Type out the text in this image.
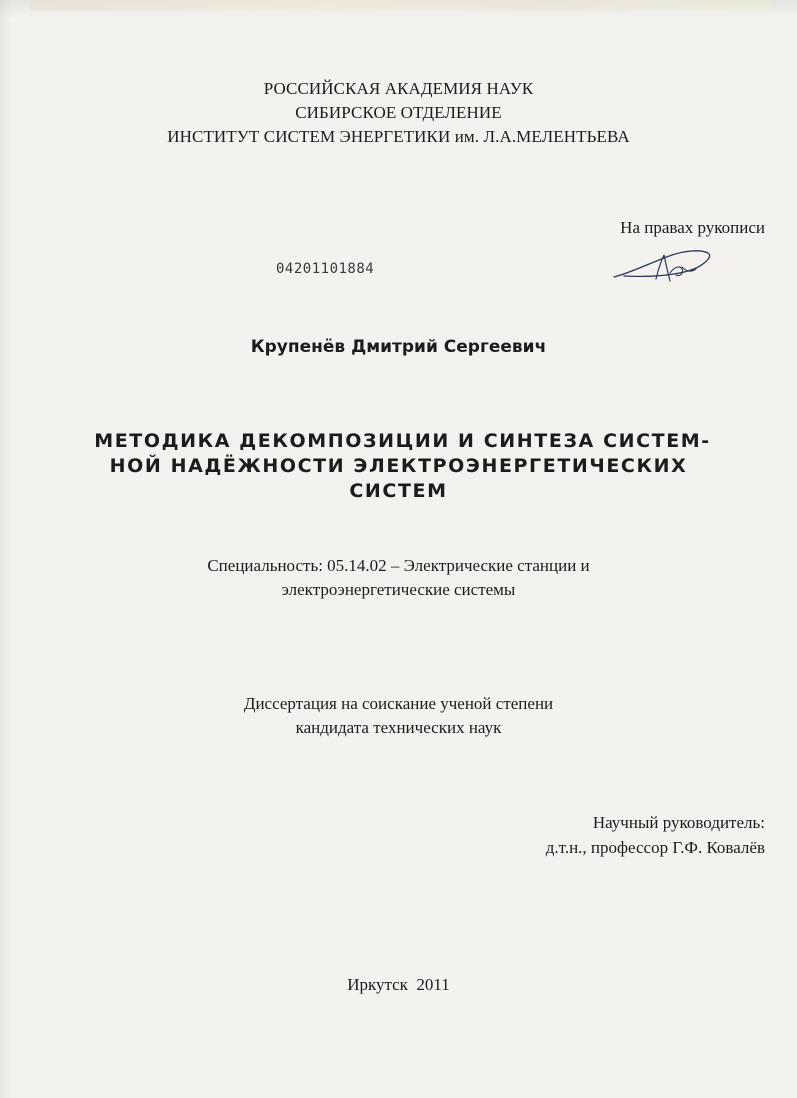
РОССИЙСКАЯ АКАДЕМИЯ НАУК
СИБИРСКОЕ ОТДЕЛЕНИЕ
ИНСТИТУТ СИСТЕМ ЭНЕРГЕТИКИ им. Л.А.МЕЛЕНТЬЕВА
На правах рукописи
04201101884
Крупенёв Дмитрий Сергеевич
МЕТОДИКА ДЕКОМПОЗИЦИИ И СИНТЕЗА СИСТЕМ-
НОЙ НАДЁЖНОСТИ ЭЛЕКТРОЭНЕРГЕТИЧЕСКИХ
СИСТЕМ
Специальность: 05.14.02 – Электрические станции и
электроэнергетические системы
Диссертация на соискание ученой степени
кандидата технических наук
Научный руководитель:
д.т.н., профессор Г.Ф. Ковалёв
Иркутск  2011
